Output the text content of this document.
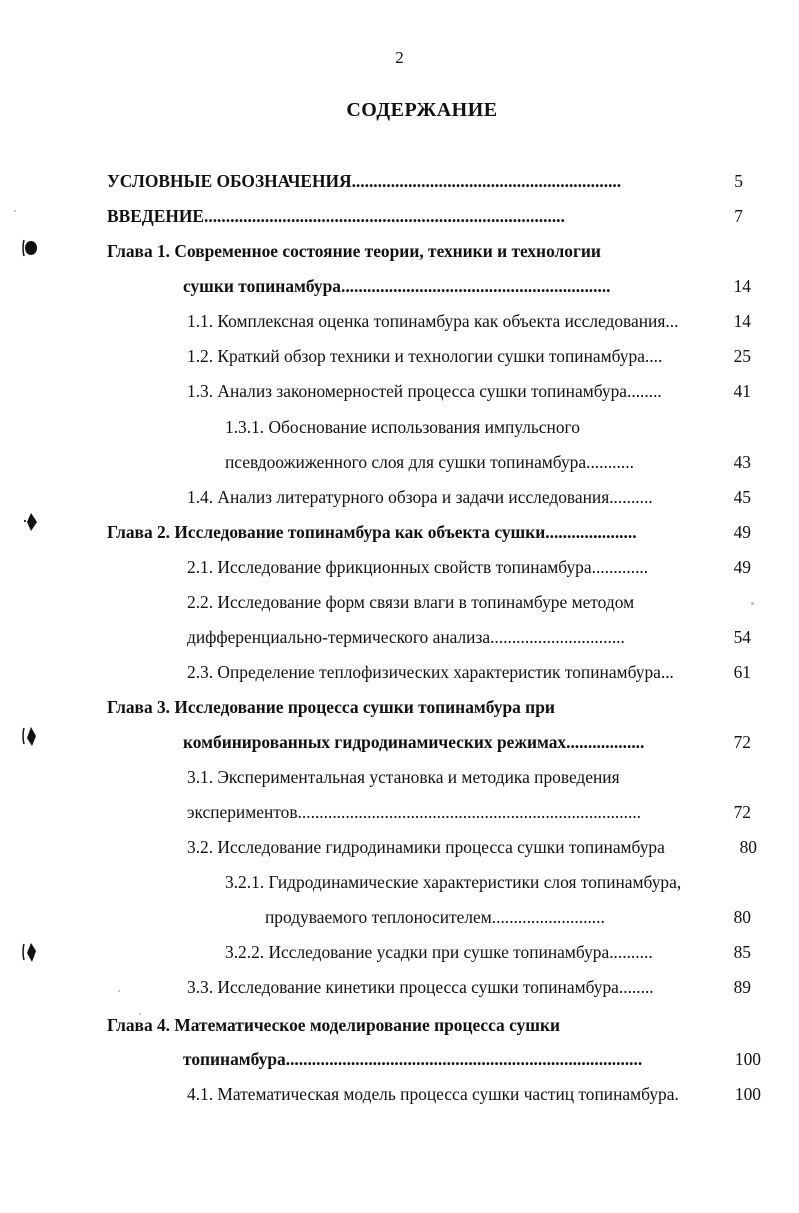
2
СОДЕРЖАНИЕ
УСЛОВНЫЕ ОБОЗНАЧЕНИЯ..............................................................	5
ВВЕДЕНИЕ...................................................................................	7
Глава 1. Современное состояние теории, техники и технологии
сушки топинамбура..............................................................	14
1.1. Комплексная оценка топинамбура как объекта исследования...	14
1.2. Краткий обзор техники и технологии сушки топинамбура....	25
1.3. Анализ закономерностей процесса сушки топинамбура........	41
1.3.1. Обоснование использования импульсного
псевдоожиженного слоя для сушки топинамбура...........	43
1.4. Анализ литературного обзора и задачи исследования..........	45
Глава 2. Исследование топинамбура как объекта сушки.....................	49
2.1. Исследование фрикционных свойств топинамбура.............	49
2.2. Исследование форм связи влаги в топинамбуре методом
дифференциально-термического анализа...............................	54
2.3. Определение теплофизических характеристик топинамбура...	61
Глава 3. Исследование процесса сушки топинамбура при
комбинированных гидродинамических режимах..................	72
3.1. Экспериментальная установка и методика проведения
экспериментов...............................................................................	72
3.2. Исследование гидродинамики процесса сушки топинамбура	80
3.2.1. Гидродинамические характеристики слоя топинамбура,
продуваемого теплоносителем..........................	80
3.2.2. Исследование усадки при сушке топинамбура..........	85
3.3. Исследование кинетики процесса сушки топинамбура........	89
Глава 4. Математическое моделирование процесса сушки
топинамбура..................................................................................	100
4.1. Математическая модель процесса сушки частиц топинамбура.	100
